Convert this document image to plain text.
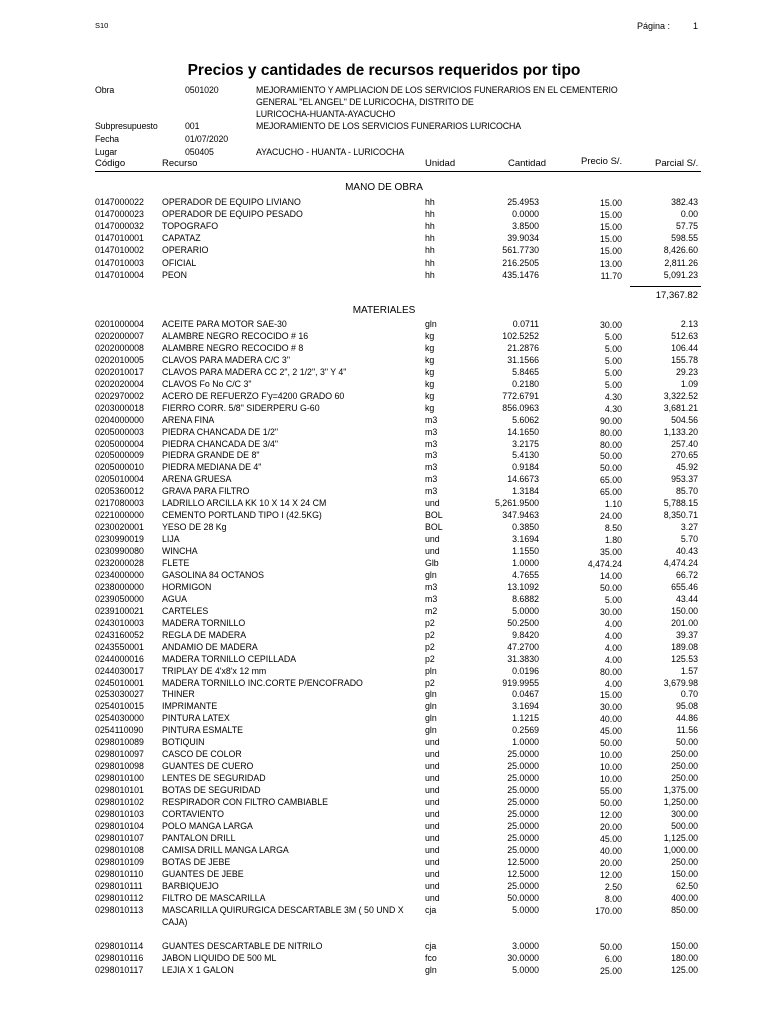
S10	Página :	1
Precios y cantidades de recursos requeridos por tipo
Obra	0501020	MEJORAMIENTO Y AMPLIACION DE LOS SERVICIOS FUNERARIOS EN EL CEMENTERIO
GENERAL "EL ANGEL" DE LURICOCHA, DISTRITO DE
LURICOCHA-HUANTA-AYACUCHO
Subpresupuesto	001	MEJORAMIENTO DE LOS SERVICIOS FUNERARIOS LURICOCHA
Fecha	01/07/2020
Lugar	050405	AYACUCHO - HUANTA - LURICOCHA
Código	Recurso	Unidad	Cantidad	Precio S/.	Parcial S/.
MANO DE OBRA
0147000022 OPERADOR DE EQUIPO LIVIANO	hh	25.4953	15.00	382.43
0147000023 OPERADOR DE EQUIPO PESADO	hh	0.0000	15.00	0.00
0147000032 TOPOGRAFO	hh	3.8500	15.00	57.75
0147010001 CAPATAZ	hh	39.9034	15.00	598.55
0147010002 OPERARIO	hh	561.7730	15.00	8,426.60
0147010003 OFICIAL	hh	216.2505	13.00	2,811.26
0147010004 PEON	hh	435.1476	11.70	5,091.23
17,367.82
MATERIALES
0201000004 ACEITE PARA MOTOR SAE-30	gln	0.0711	30.00	2.13
0202000007 ALAMBRE NEGRO RECOCIDO # 16	kg	102.5252	5.00	512.63
0202000008 ALAMBRE NEGRO RECOCIDO # 8	kg	21.2876	5.00	106.44
0202010005 CLAVOS PARA MADERA C/C 3"	kg	31.1566	5.00	155.78
0202010017 CLAVOS PARA MADERA CC 2", 2 1/2", 3" Y 4"	kg	5.8465	5.00	29.23
0202020004 CLAVOS Fo No C/C 3"	kg	0.2180	5.00	1.09
0202970002 ACERO DE REFUERZO F'y=4200 GRADO 60	kg	772.6791	4.30	3,322.52
0203000018 FIERRO CORR. 5/8" SIDERPERU G-60	kg	856.0963	4.30	3,681.21
0204000000 ARENA FINA	m3	5.6062	90.00	504.56
0205000003 PIEDRA CHANCADA DE 1/2"	m3	14.1650	80.00	1,133.20
0205000004 PIEDRA CHANCADA DE 3/4"	m3	3.2175	80.00	257.40
0205000009 PIEDRA GRANDE DE 8"	m3	5.4130	50.00	270.65
0205000010 PIEDRA MEDIANA DE 4"	m3	0.9184	50.00	45.92
0205010004 ARENA GRUESA	m3	14.6673	65.00	953.37
0205360012 GRAVA PARA FILTRO	m3	1.3184	65.00	85.70
0217080003 LADRILLO ARCILLA KK 10 X 14 X 24 CM	und	5,261.9500	1.10	5,788.15
0221000000 CEMENTO PORTLAND TIPO I (42.5KG)	BOL	347.9463	24.00	8,350.71
0230020001 YESO DE 28 Kg	BOL	0.3850	8.50	3.27
0230990019 LIJA	und	3.1694	1.80	5.70
0230990080 WINCHA	und	1.1550	35.00	40.43
0232000028 FLETE	Glb	1.0000	4,474.24	4,474.24
0234000000 GASOLINA 84 OCTANOS	gln	4.7655	14.00	66.72
0238000000 HORMIGON	m3	13.1092	50.00	655.46
0239050000 AGUA	m3	8.6882	5.00	43.44
0239100021 CARTELES	m2	5.0000	30.00	150.00
0243010003 MADERA TORNILLO	p2	50.2500	4.00	201.00
0243160052 REGLA DE MADERA	p2	9.8420	4.00	39.37
0243550001 ANDAMIO DE MADERA	p2	47.2700	4.00	189.08
0244000016 MADERA TORNILLO CEPILLADA	p2	31.3830	4.00	125.53
0244030017 TRIPLAY DE 4'x8'x 12 mm	pln	0.0196	80.00	1.57
0245010001 MADERA TORNILLO INC.CORTE P/ENCOFRADO	p2	919.9955	4.00	3,679.98
0253030027 THINER	gln	0.0467	15.00	0.70
0254010015 IMPRIMANTE	gln	3.1694	30.00	95.08
0254030000 PINTURA LATEX	gln	1.1215	40.00	44.86
0254110090 PINTURA ESMALTE	gln	0.2569	45.00	11.56
0298010089 BOTIQUIN	und	1.0000	50.00	50.00
0298010097 CASCO DE COLOR	und	25.0000	10.00	250.00
0298010098 GUANTES DE CUERO	und	25.0000	10.00	250.00
0298010100 LENTES DE SEGURIDAD	und	25.0000	10.00	250.00
0298010101 BOTAS DE SEGURIDAD	und	25.0000	55.00	1,375.00
0298010102 RESPIRADOR CON FILTRO CAMBIABLE	und	25.0000	50.00	1,250.00
0298010103 CORTAVIENTO	und	25.0000	12.00	300.00
0298010104 POLO MANGA LARGA	und	25.0000	20.00	500.00
0298010107 PANTALON DRILL	und	25.0000	45.00	1,125.00
0298010108 CAMISA DRILL MANGA LARGA	und	25.0000	40.00	1,000.00
0298010109 BOTAS DE JEBE	und	12.5000	20.00	250.00
0298010110 GUANTES DE JEBE	und	12.5000	12.00	150.00
0298010111 BARBIQUEJO	und	25.0000	2.50	62.50
0298010112 FILTRO DE MASCARILLA	und	50.0000	8.00	400.00
0298010113 MASCARILLA QUIRURGICA DESCARTABLE 3M ( 50 UND X cja	5.0000	170.00	850.00
CAJA)
0298010114 GUANTES DESCARTABLE DE NITRILO	cja	3.0000	50.00	150.00
0298010116 JABON LIQUIDO DE 500 ML	fco	30.0000	6.00	180.00
0298010117 LEJIA X 1 GALON	gln	5.0000	25.00	125.00
